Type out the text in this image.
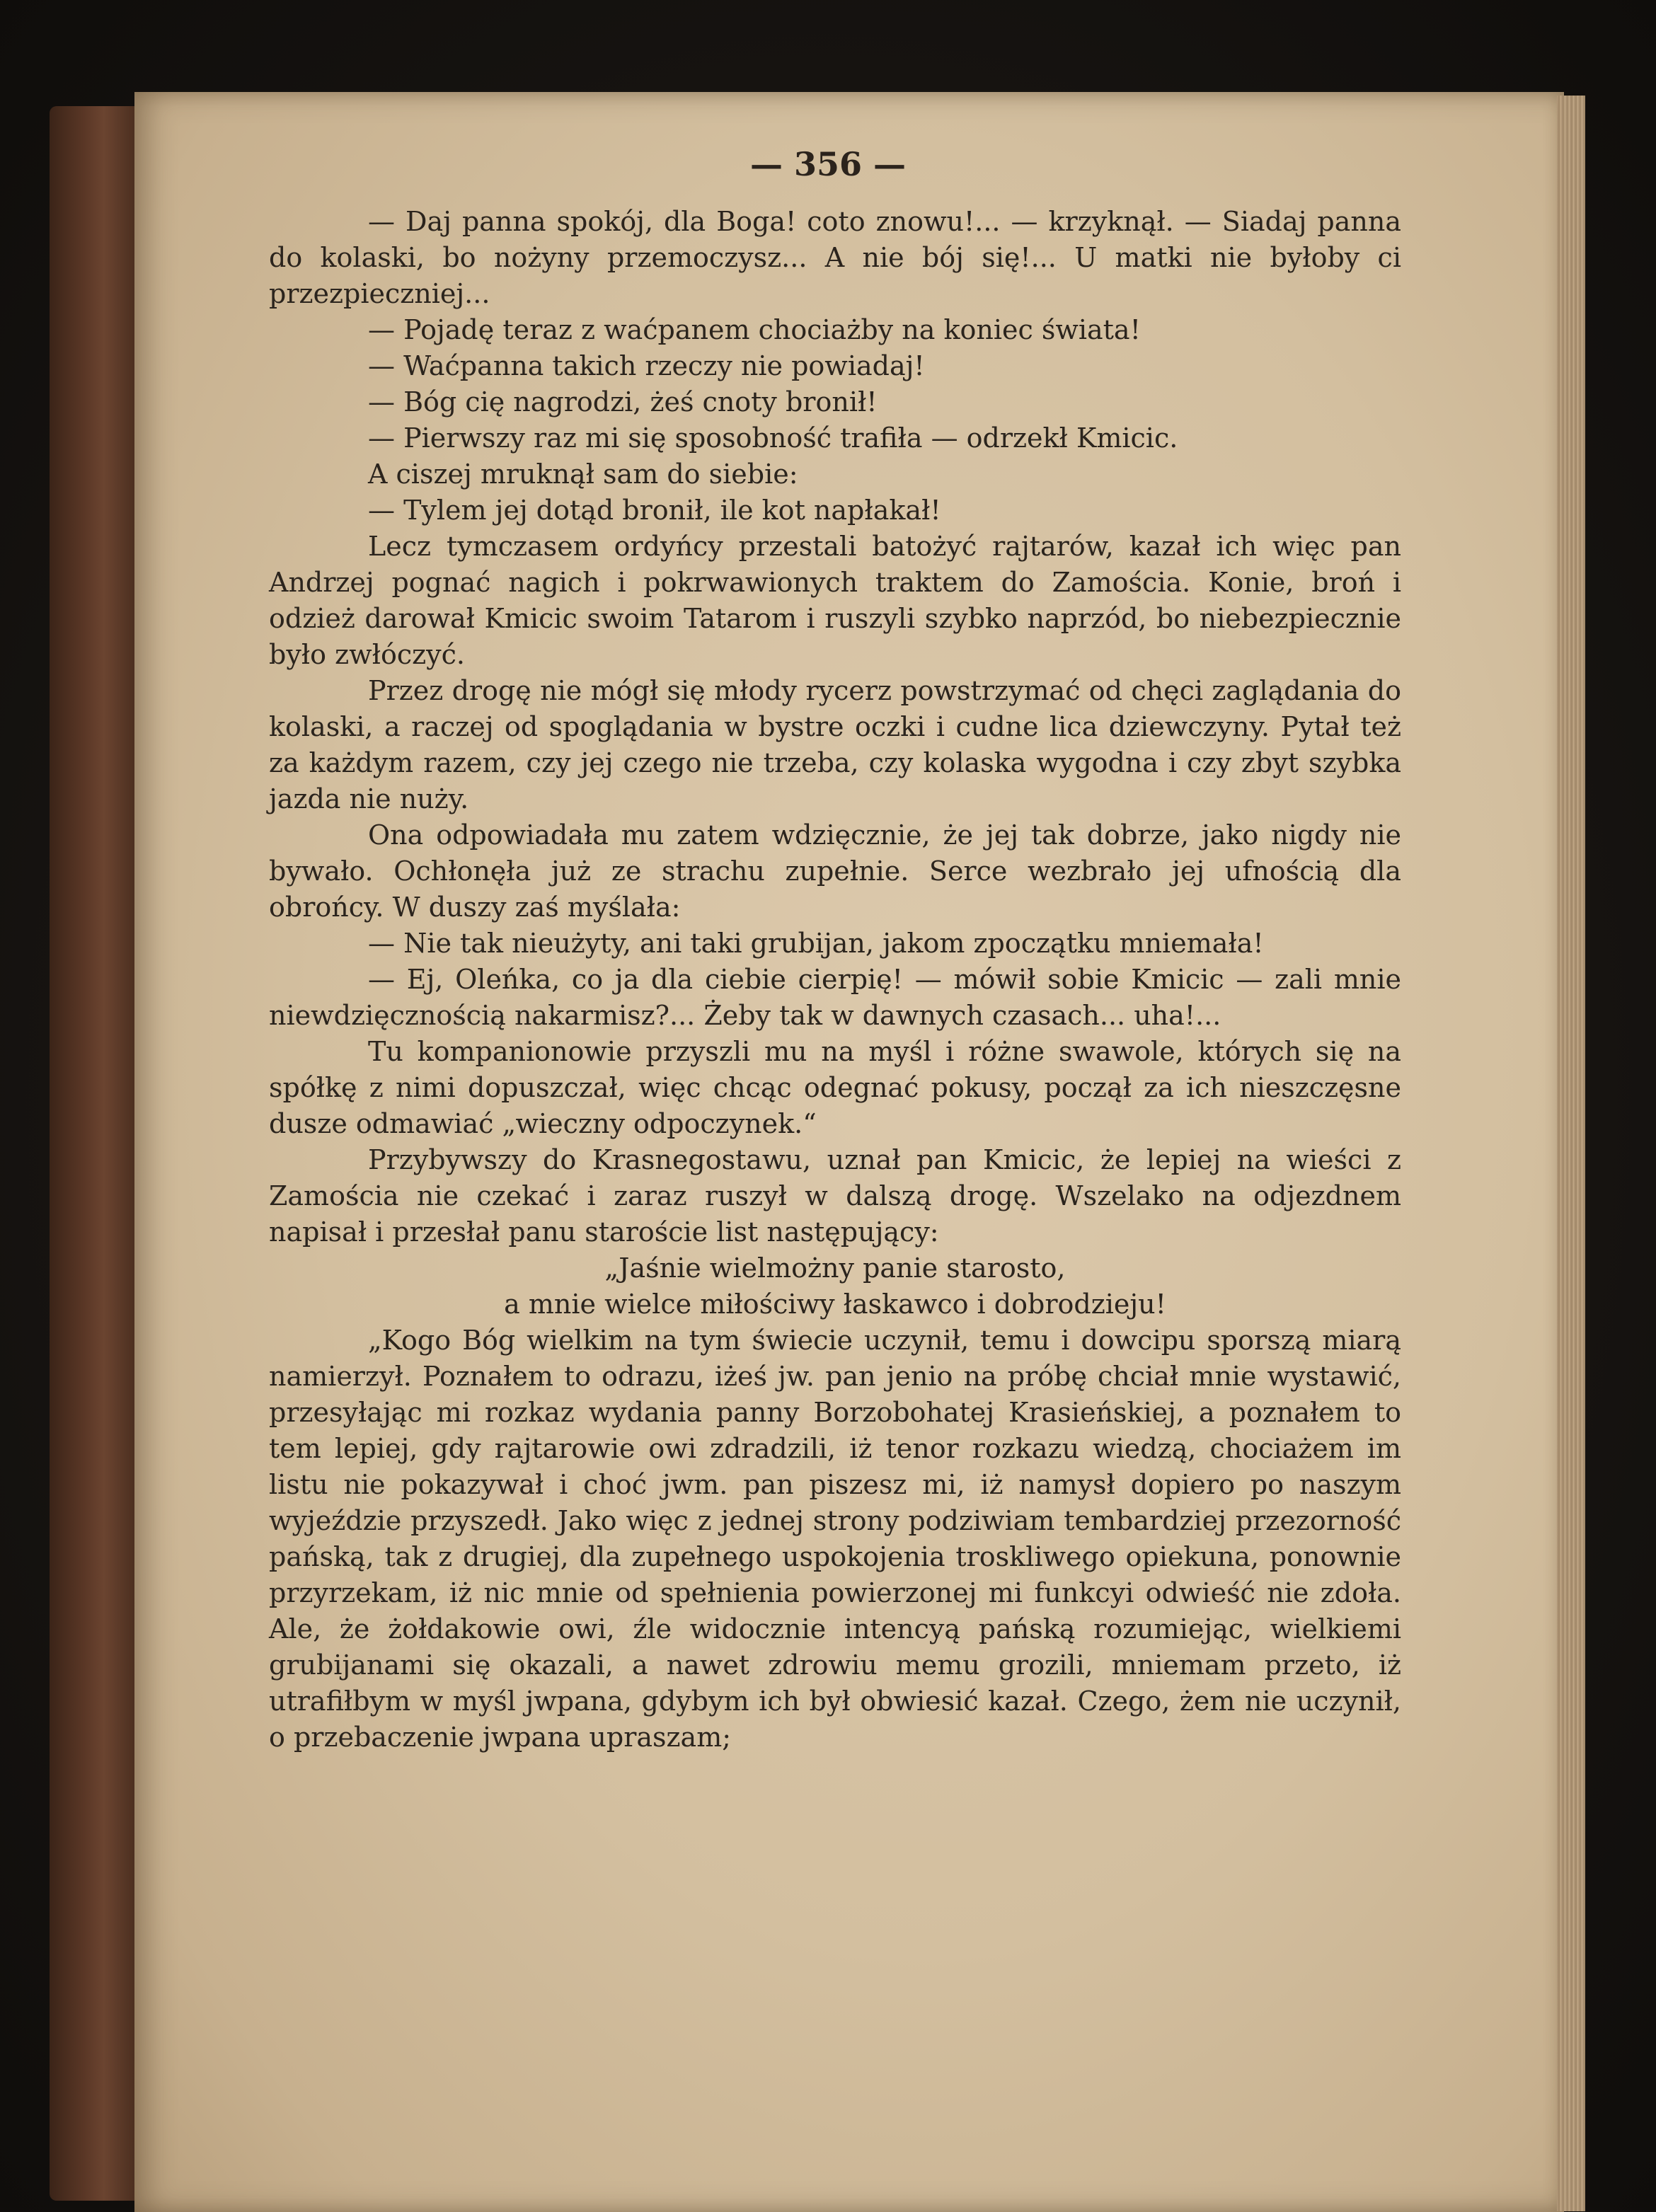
— 356 —

— Daj panna spokój, dla Boga! coto znowu!... — krzyknął. — Siadaj panna do kolaski, bo nożyny przemoczysz... A nie bój się!... U matki nie byłoby ci przezpieczniej...

— Pojadę teraz z waćpanem chociażby na koniec świata!

— Waćpanna takich rzeczy nie powiadaj!

— Bóg cię nagrodzi, żeś cnoty bronił!

— Pierwszy raz mi się sposobność trafiła — odrzekł Kmicic.

A ciszej mruknął sam do siebie:

— Tylem jej dotąd bronił, ile kot napłakał!

Lecz tymczasem ordyńcy przestali batożyć rajtarów, kazał ich więc pan Andrzej pognać nagich i pokrwawionych traktem do Zamościa. Konie, broń i odzież darował Kmicic swoim Tatarom i ruszyli szybko naprzód, bo niebezpiecznie było zwłóczyć.

Przez drogę nie mógł się młody rycerz powstrzymać od chęci zaglądania do kolaski, a raczej od spoglądania w bystre oczki i cudne lica dziewczyny. Pytał też za każdym razem, czy jej czego nie trzeba, czy kolaska wygodna i czy zbyt szybka jazda nie nuży.

Ona odpowiadała mu zatem wdzięcznie, że jej tak dobrze, jako nigdy nie bywało. Ochłonęła już ze strachu zupełnie. Serce wezbrało jej ufnością dla obrońcy. W duszy zaś myślała:

— Nie tak nieużyty, ani taki grubijan, jakom zpoczątku mniemała!

— Ej, Oleńka, co ja dla ciebie cierpię! — mówił sobie Kmicic — zali mnie niewdzięcznością nakarmisz?... Żeby tak w dawnych czasach... uha!...

Tu kompanionowie przyszli mu na myśl i różne swawole, których się na spółkę z nimi dopuszczał, więc chcąc odegnać pokusy, począł za ich nieszczęsne dusze odmawiać „wieczny odpoczynek.“

Przybywszy do Krasnegostawu, uznał pan Kmicic, że lepiej na wieści z Zamościa nie czekać i zaraz ruszył w dalszą drogę. Wszelako na odjezdnem napisał i przesłał panu staroście list następujący:

„Jaśnie wielmożny panie starosto,

a mnie wielce miłościwy łaskawco i dobrodzieju!

„Kogo Bóg wielkim na tym świecie uczynił, temu i dowcipu sporszą miarą namierzył. Poznałem to odrazu, iżeś jw. pan jenio na próbę chciał mnie wystawić, przesyłając mi rozkaz wydania panny Borzobohatej Krasieńskiej, a poznałem to tem lepiej, gdy rajtarowie owi zdradzili, iż tenor rozkazu wiedzą, chociażem im listu nie pokazywał i choć jwm. pan piszesz mi, iż namysł dopiero po naszym wyjeździe przyszedł. Jako więc z jednej strony podziwiam tembardziej przezorność pańską, tak z drugiej, dla zupełnego uspokojenia troskliwego opiekuna, ponownie przyrzekam, iż nic mnie od spełnienia powierzonej mi funkcyi odwieść nie zdoła. Ale, że żołdakowie owi, źle widocznie intencyą pańską rozumiejąc, wielkiemi grubijanami się okazali, a nawet zdrowiu memu grozili, mniemam przeto, iż utrafiłbym w myśl jwpana, gdybym ich był obwiesić kazał. Czego, żem nie uczynił, o przebaczenie jwpana upraszam;
